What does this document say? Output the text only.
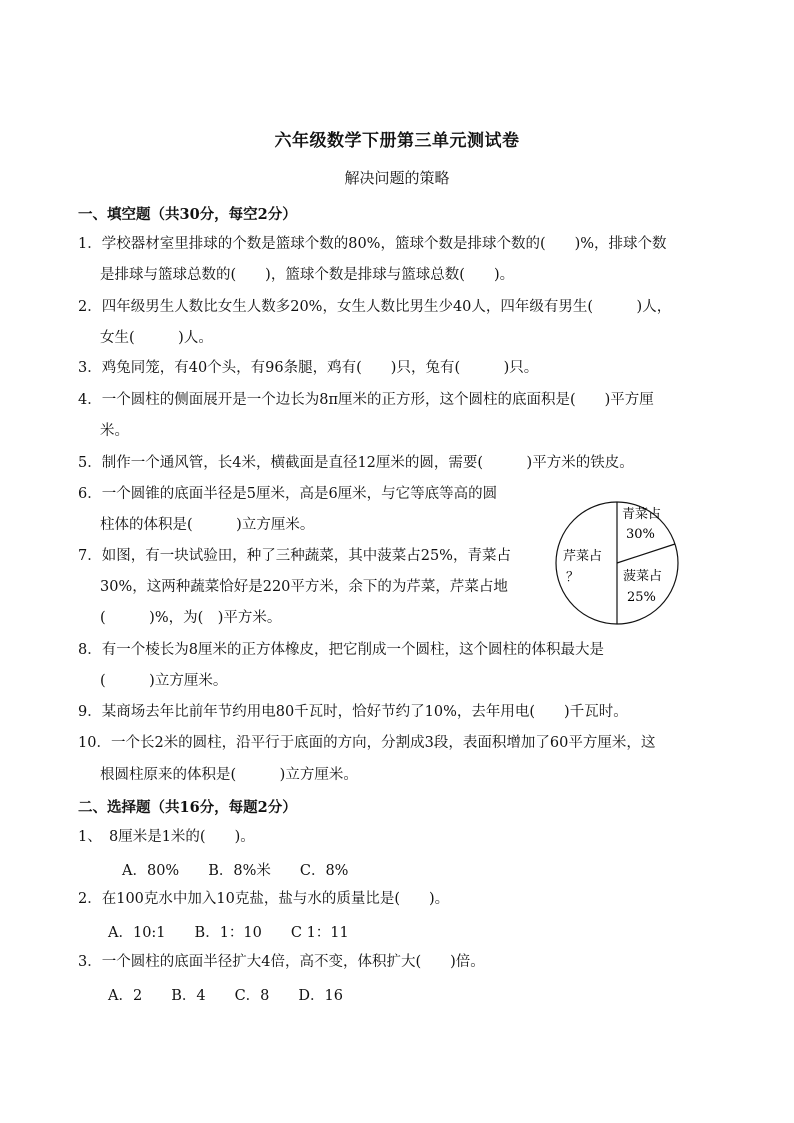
六年级数学下册第三单元测试卷
解决问题的策略
一、填空题（共30分，每空2分）
1．学校器材室里排球的个数是篮球个数的80%，篮球个数是排球个数的(　　)%，排球个数
是排球与篮球总数的(　　)，篮球个数是排球与篮球总数(　　)。
2．四年级男生人数比女生人数多20%，女生人数比男生少40人，四年级有男生(　　　)人，
女生(　　　)人。
3．鸡兔同笼，有40个头，有96条腿，鸡有(　　)只，兔有(　　　)只。
4．一个圆柱的侧面展开是一个边长为8π厘米的正方形，这个圆柱的底面积是(　　)平方厘
米。
5．制作一个通风管，长4米，横截面是直径12厘米的圆，需要(　　　)平方米的铁皮。
6．一个圆锥的底面半径是5厘米，高是6厘米，与它等底等高的圆
柱体的体积是(　　　)立方厘米。
7．如图，有一块试验田，种了三种蔬菜，其中菠菜占25%，青菜占
30%，这两种蔬菜恰好是220平方米，余下的为芹菜，芹菜占地
(　　　)%，为(　)平方米。
青菜占
30%
菠菜占
25%
芹菜占
？
8．有一个棱长为8厘米的正方体橡皮，把它削成一个圆柱，这个圆柱的体积最大是
(　　　)立方厘米。
9．某商场去年比前年节约用电80千瓦时，恰好节约了10%，去年用电(　　)千瓦时。
10．一个长2米的圆柱，沿平行于底面的方向，分割成3段，表面积增加了60平方厘米，这
根圆柱原来的体积是(　　　)立方厘米。
二、选择题（共16分，每题2分）
1、　8厘米是1米的(　　)。
A．80%　　B．8%米　　C．8%
2．在100克水中加入10克盐，盐与水的质量比是(　　)。
A．10:1　　B．1：10　　C 1：11
3．一个圆柱的底面半径扩大4倍，高不变，体积扩大(　　)倍。
A．2　　B．4　　C．8　　D．16
